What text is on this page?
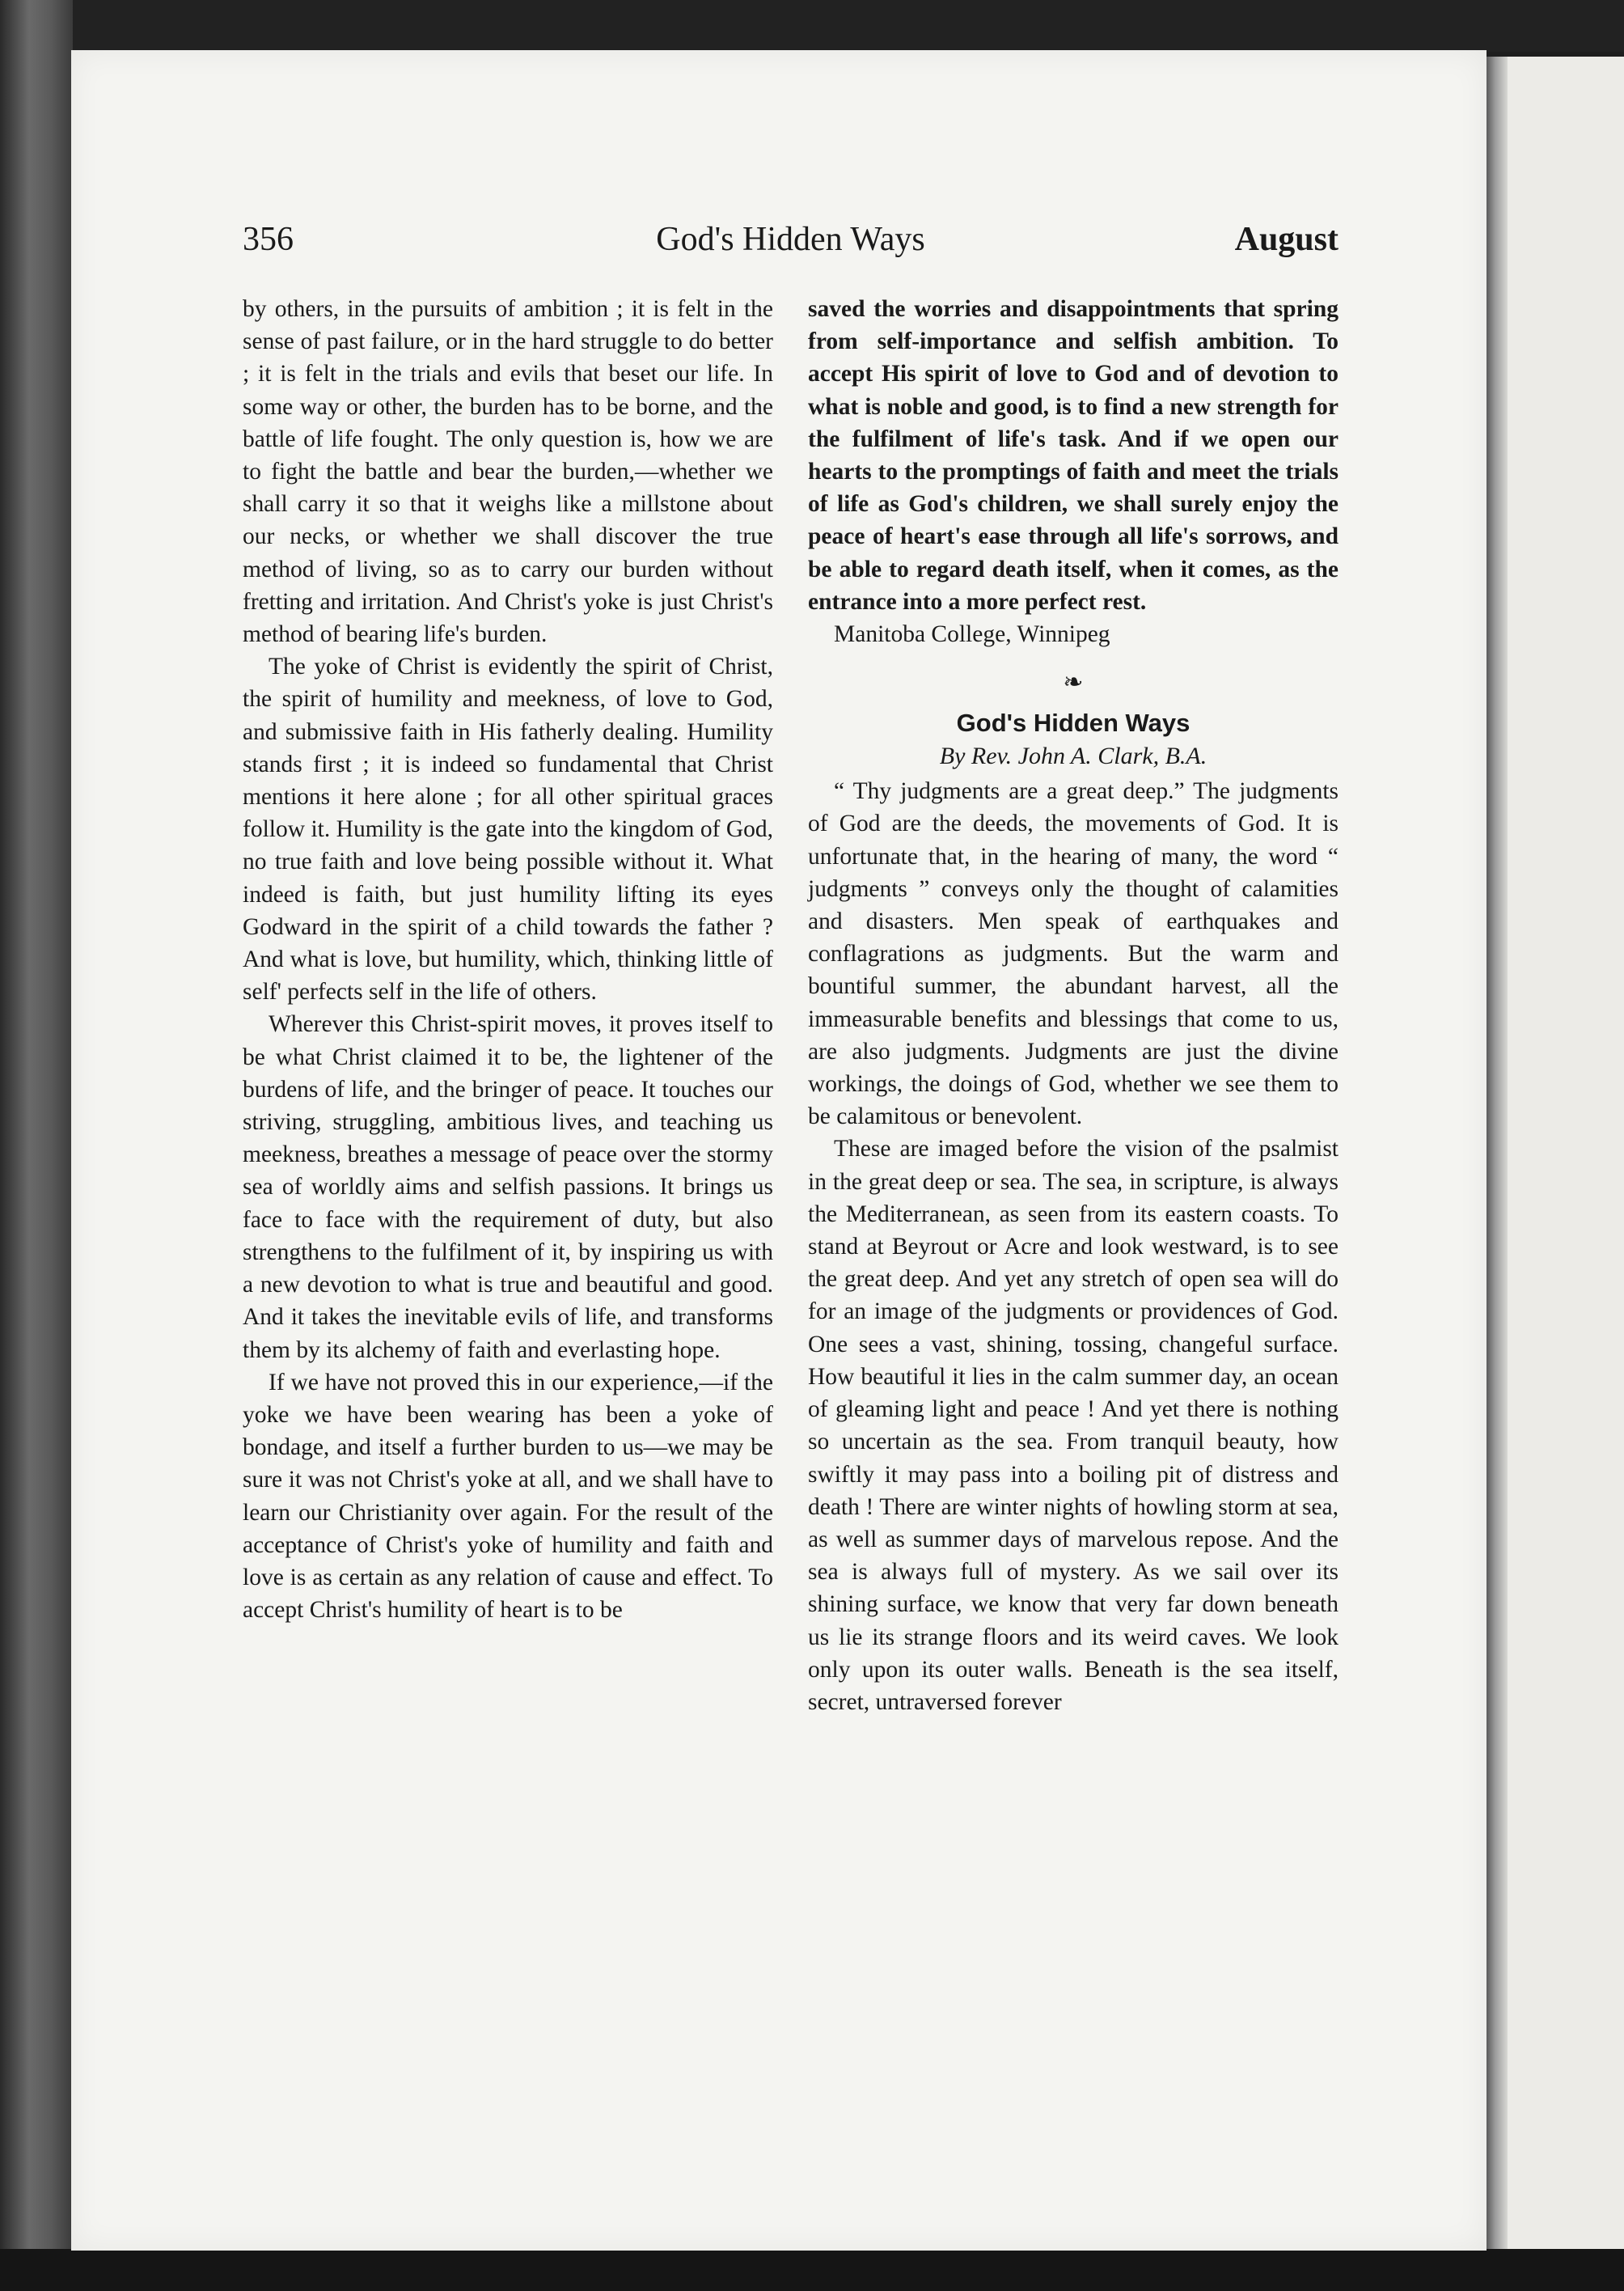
356	God's Hidden Ways	August

by others, in the pursuits of ambition ; it is felt in the sense of past failure, or in the hard struggle to do better ; it is felt in the trials and evils that beset our life. In some way or other, the burden has to be borne, and the battle of life fought. The only question is, how we are to fight the battle and bear the burden,—whether we shall carry it so that it weighs like a millstone about our necks, or whether we shall discover the true method of living, so as to carry our burden without fretting and irritation. And Christ's yoke is just Christ's method of bearing life's burden.

The yoke of Christ is evidently the spirit of Christ, the spirit of humility and meekness, of love to God, and submissive faith in His fatherly dealing. Humility stands first ; it is indeed so fundamental that Christ mentions it here alone ; for all other spiritual graces follow it. Humility is the gate into the kingdom of God, no true faith and love being possible without it. What indeed is faith, but just humility lifting its eyes Godward in the spirit of a child towards the father ? And what is love, but humility, which, thinking little of self' perfects self in the life of others.

Wherever this Christ-spirit moves, it proves itself to be what Christ claimed it to be, the lightener of the burdens of life, and the bringer of peace. It touches our striving, struggling, ambitious lives, and teaching us meekness, breathes a message of peace over the stormy sea of worldly aims and selfish passions. It brings us face to face with the requirement of duty, but also strengthens to the fulfilment of it, by inspiring us with a new devotion to what is true and beautiful and good. And it takes the inevitable evils of life, and transforms them by its alchemy of faith and everlasting hope.

If we have not proved this in our experience,—if the yoke we have been wearing has been a yoke of bondage, and itself a further burden to us—we may be sure it was not Christ's yoke at all, and we shall have to learn our Christianity over again. For the result of the acceptance of Christ's yoke of humility and faith and love is as certain as any relation of cause and effect. To accept Christ's humility of heart is to be

saved the worries and disappointments that spring from self-importance and selfish ambition. To accept His spirit of love to God and of devotion to what is noble and good, is to find a new strength for the fulfilment of life's task. And if we open our hearts to the promptings of faith and meet the trials of life as God's children, we shall surely enjoy the peace of heart's ease through all life's sorrows, and be able to regard death itself, when it comes, as the entrance into a more perfect rest.

Manitoba College, Winnipeg

❧
God's Hidden Ways
By Rev. John A. Clark, B.A.

“ Thy judgments are a great deep.” The judgments of God are the deeds, the movements of God. It is unfortunate that, in the hearing of many, the word “ judgments ” conveys only the thought of calamities and disasters. Men speak of earthquakes and conflagrations as judgments. But the warm and bountiful summer, the abundant harvest, all the immeasurable benefits and blessings that come to us, are also judgments. Judgments are just the divine workings, the doings of God, whether we see them to be calamitous or benevolent.

These are imaged before the vision of the psalmist in the great deep or sea. The sea, in scripture, is always the Mediterranean, as seen from its eastern coasts. To stand at Beyrout or Acre and look westward, is to see the great deep. And yet any stretch of open sea will do for an image of the judgments or providences of God. One sees a vast, shining, tossing, changeful surface. How beautiful it lies in the calm summer day, an ocean of gleaming light and peace ! And yet there is nothing so uncertain as the sea. From tranquil beauty, how swiftly it may pass into a boiling pit of distress and death ! There are winter nights of howling storm at sea, as well as summer days of marvelous repose. And the sea is always full of mystery. As we sail over its shining surface, we know that very far down beneath us lie its strange floors and its weird caves. We look only upon its outer walls. Beneath is the sea itself, secret, untraversed forever
